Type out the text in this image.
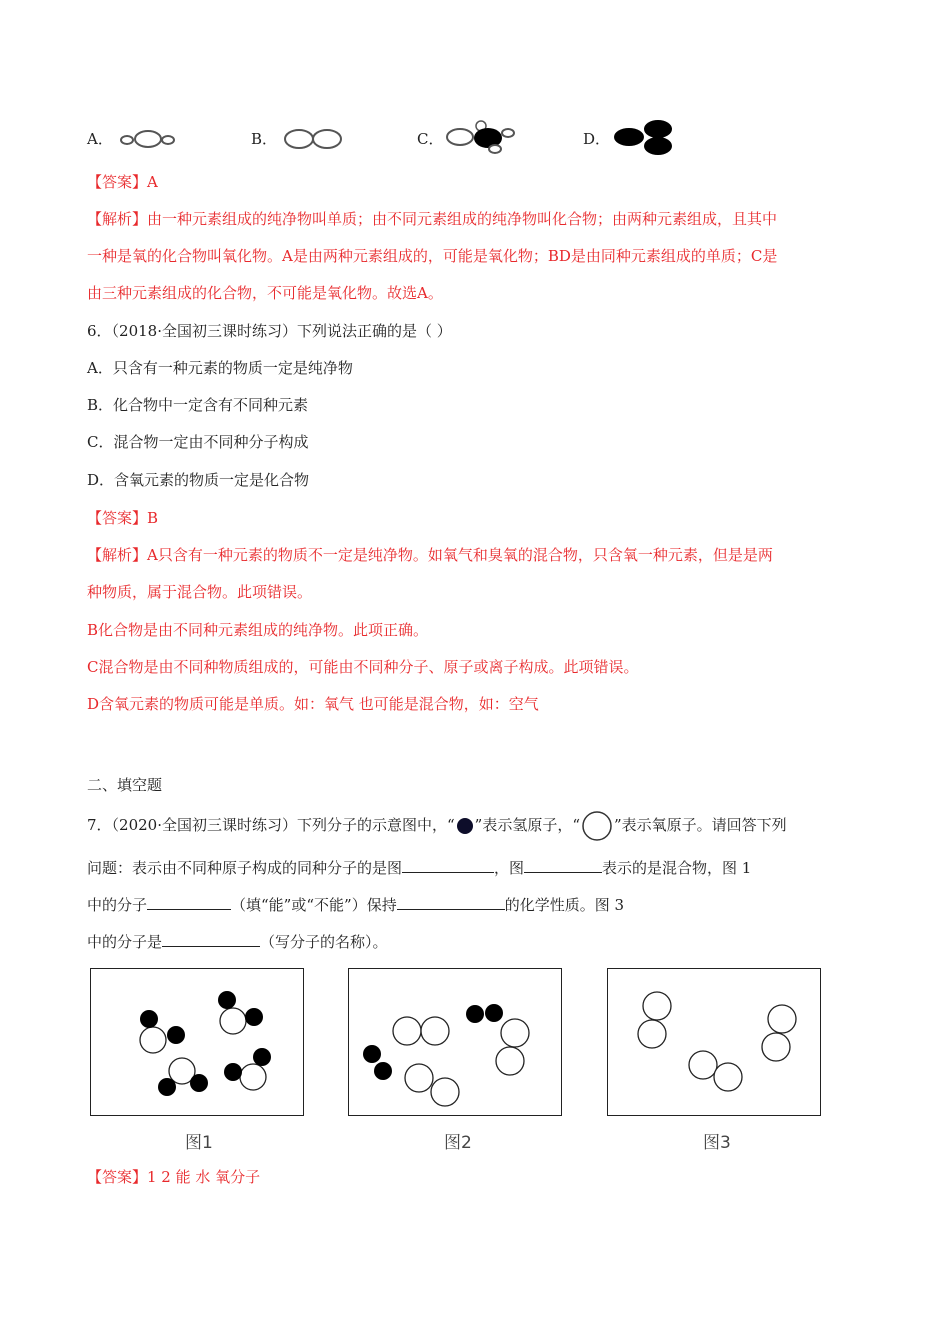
A．	B．	C．	D．
【答案】A
【解析】由一种元素组成的纯净物叫单质；由不同元素组成的纯净物叫化合物；由两种元素组成，且其中
一种是氧的化合物叫氧化物。A是由两种元素组成的，可能是氧化物；BD是由同种元素组成的单质；C是
由三种元素组成的化合物，不可能是氧化物。故选A。
6．（2018·全国初三课时练习）下列说法正确的是（ ）
A．只含有一种元素的物质一定是纯净物
B．化合物中一定含有不同种元素
C．混合物一定由不同种分子构成
D．含氧元素的物质一定是化合物
【答案】B
【解析】A只含有一种元素的物质不一定是纯净物。如氧气和臭氧的混合物，只含氧一种元素，但是是两
种物质，属于混合物。此项错误。
B化合物是由不同种元素组成的纯净物。此项正确。
C混合物是由不同种物质组成的，可能由不同种分子、原子或离子构成。此项错误。
D含氧元素的物质可能是单质。如：氧气 也可能是混合物，如：空气
二、填空题
7．（2020·全国初三课时练习）下列分子的示意图中，“ ”表示氢原子，“ ”表示氧原子。请回答下列
问题：表示由不同种原子构成的同种分子的是图	，图	表示的是混合物，图 1
中的分子	（填“能”或“不能”）保持	的化学性质。图 3
中的分子是	（写分子的名称）。
图1	图2	图3
【答案】1 2 能 水 氧分子
